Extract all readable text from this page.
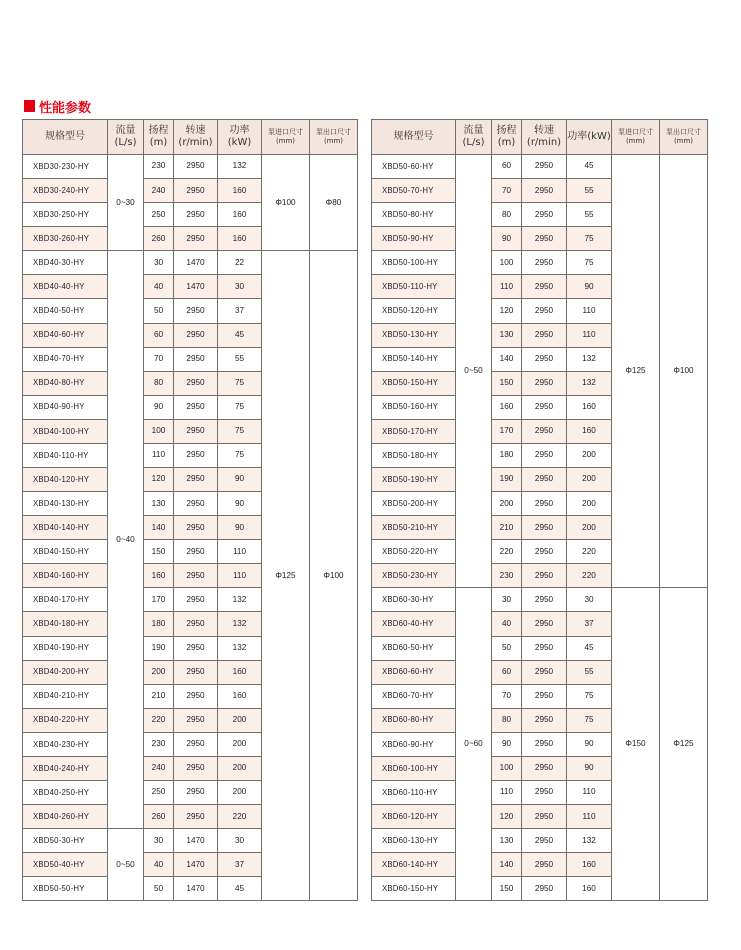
性能参数
规格型号	流量(L/s)	扬程(m)	转速(r/min)	功率(kW)	泵进口尺寸(mm)	泵出口尺寸(mm)
XBD30-230-HY	0~30	230	2950	132	Φ100	Φ80
XBD30-240-HY		240	2950	160		
XBD30-250-HY		250	2950	160		
XBD30-260-HY		260	2950	160		
XBD40-30-HY	0~40	30	1470	22	Φ125	Φ100
XBD40-40-HY		40	1470	30		
XBD40-50-HY		50	2950	37		
XBD40-60-HY		60	2950	45		
XBD40-70-HY		70	2950	55		
XBD40-80-HY		80	2950	75		
XBD40-90-HY		90	2950	75		
XBD40-100-HY		100	2950	75		
XBD40-110-HY		110	2950	75		
XBD40-120-HY		120	2950	90		
XBD40-130-HY		130	2950	90		
XBD40-140-HY		140	2950	90		
XBD40-150-HY		150	2950	110		
XBD40-160-HY		160	2950	110		
XBD40-170-HY		170	2950	132		
XBD40-180-HY		180	2950	132		
XBD40-190-HY		190	2950	132		
XBD40-200-HY		200	2950	160		
XBD40-210-HY		210	2950	160		
XBD40-220-HY		220	2950	200		
XBD40-230-HY		230	2950	200		
XBD40-240-HY		240	2950	200		
XBD40-250-HY		250	2950	200		
XBD40-260-HY		260	2950	220		
XBD50-30-HY	0~50	30	1470	30		
XBD50-40-HY		40	1470	37		
XBD50-50-HY		50	1470	45		
规格型号	流量(L/s)	扬程(m)	转速(r/min)	功率(kW)	泵进口尺寸(mm)	泵出口尺寸(mm)
XBD50-60-HY	0~50	60	2950	45	Φ125	Φ100
XBD50-70-HY		70	2950	55		
XBD50-80-HY		80	2950	55		
XBD50-90-HY		90	2950	75		
XBD50-100-HY		100	2950	75		
XBD50-110-HY		110	2950	90		
XBD50-120-HY		120	2950	110		
XBD50-130-HY		130	2950	110		
XBD50-140-HY		140	2950	132		
XBD50-150-HY		150	2950	132		
XBD50-160-HY		160	2950	160		
XBD50-170-HY		170	2950	160		
XBD50-180-HY		180	2950	200		
XBD50-190-HY		190	2950	200		
XBD50-200-HY		200	2950	200		
XBD50-210-HY		210	2950	200		
XBD50-220-HY		220	2950	220		
XBD50-230-HY		230	2950	220		
XBD60-30-HY	0~60	30	2950	30	Φ150	Φ125
XBD60-40-HY		40	2950	37		
XBD60-50-HY		50	2950	45		
XBD60-60-HY		60	2950	55		
XBD60-70-HY		70	2950	75		
XBD60-80-HY		80	2950	75		
XBD60-90-HY		90	2950	90		
XBD60-100-HY		100	2950	90		
XBD60-110-HY		110	2950	110		
XBD60-120-HY		120	2950	110		
XBD60-130-HY		130	2950	132		
XBD60-140-HY		140	2950	160		
XBD60-150-HY		150	2950	160		
